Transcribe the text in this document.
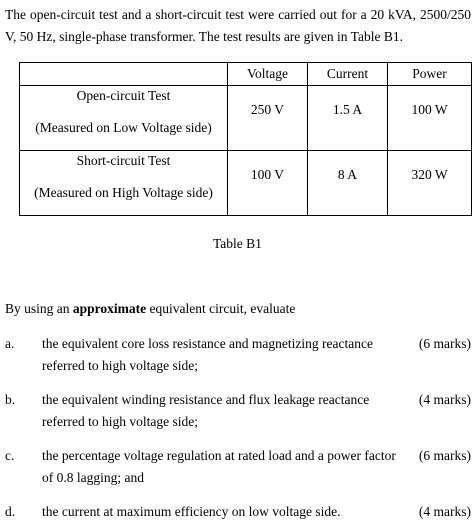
The open-circuit test and a short-circuit test were carried out for a 20 kVA, 2500/250 V, 50 Hz, single-phase transformer. The test results are given in Table B1.
	Voltage	Current	Power

Open-circuit Test
(Measured on Low Voltage side)	250 V	1.5 A	100 W

Short-circuit Test
(Measured on High Voltage side)	100 V	8 A	320 W
Table B1
By using an approximate equivalent circuit, evaluate
a. the equivalent core loss resistance and magnetizing reactance
referred to high voltage side;
(6 marks)
b. the equivalent winding resistance and flux leakage reactance
referred to high voltage side;
(4 marks)
c. the percentage voltage regulation at rated load and a power factor
of 0.8 lagging; and
(6 marks)
d. the current at maximum efficiency on low voltage side.	(4 marks)
